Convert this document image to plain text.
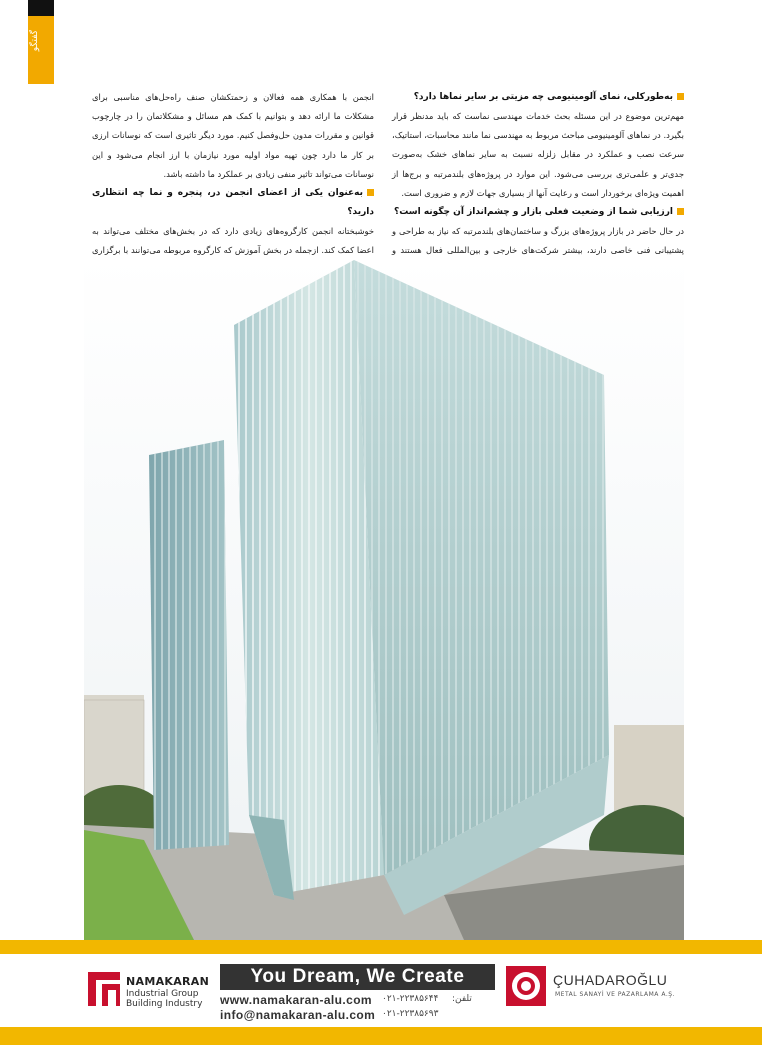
گفتگو
به‌طورکلی، نمای آلومینیومی چه مزیتی بر سایر نماها دارد؟

مهم‌ترین موضوع در این مسئله بحث خدمات مهندسی نماست که باید مدنظر قرار بگیرد. در نماهای آلومینیومی مباحث مربوط به مهندسی نما مانند محاسبات، استاتیک، سرعت نصب و عملکرد در مقابل زلزله نسبت به سایر نماهای خشک به‌صورت جدی‌تر و علمی‌تری بررسی می‌شود. این موارد در پروژه‌های بلندمرتبه و برج‌ها از اهمیت ویژه‌ای برخوردار است و رعایت آنها از بسیاری جهات لازم و ضروری است.

ارزیابی شما از وضعیت فعلی بازار و چشم‌انداز آن چگونه است؟

در حال حاضر در بازار پروژه‌های بزرگ و ساختمان‌های بلندمرتبه که نیاز به طراحی و پشتیبانی فنی خاصی دارند، بیشتر شرکت‌های خارجی و بین‌المللی فعال هستند و

انجمن با همکاری همه فعالان و زحمتکشان صنف راه‌حل‌های مناسبی برای مشکلات ما ارائه دهد و بتوانیم با کمک هم مسائل و مشکلاتمان را در چارچوب قوانین و مقررات مدون حل‌وفصل کنیم. مورد دیگر تاثیری است که نوسانات ارزی بر کار ما دارد چون تهیه مواد اولیه مورد نیازمان با ارز انجام می‌شود و این نوسانات می‌تواند تاثیر منفی زیادی بر عملکرد ما داشته باشد.

به‌عنوان یکی از اعضای انجمن در، پنجره و نما چه انتظاری دارید؟

خوشبختانه انجمن کارگروه‌های زیادی دارد که در بخش‌های مختلف می‌تواند به اعضا کمک کند. ازجمله در بخش آموزش که کارگروه مربوطه می‌توانند با برگزاری

NAMAKARAN
Industrial Group
Building Industry
You Dream, We Create
www.namakaran-alu.com
info@namakaran-alu.com
تلفن:
۰۲۱-۲۲۳۸۵۶۴۴
۰۲۱-۲۲۳۸۵۶۹۳
ÇUHADAROĞLU
METAL SANAYİ VE PAZARLAMA A.Ş.
